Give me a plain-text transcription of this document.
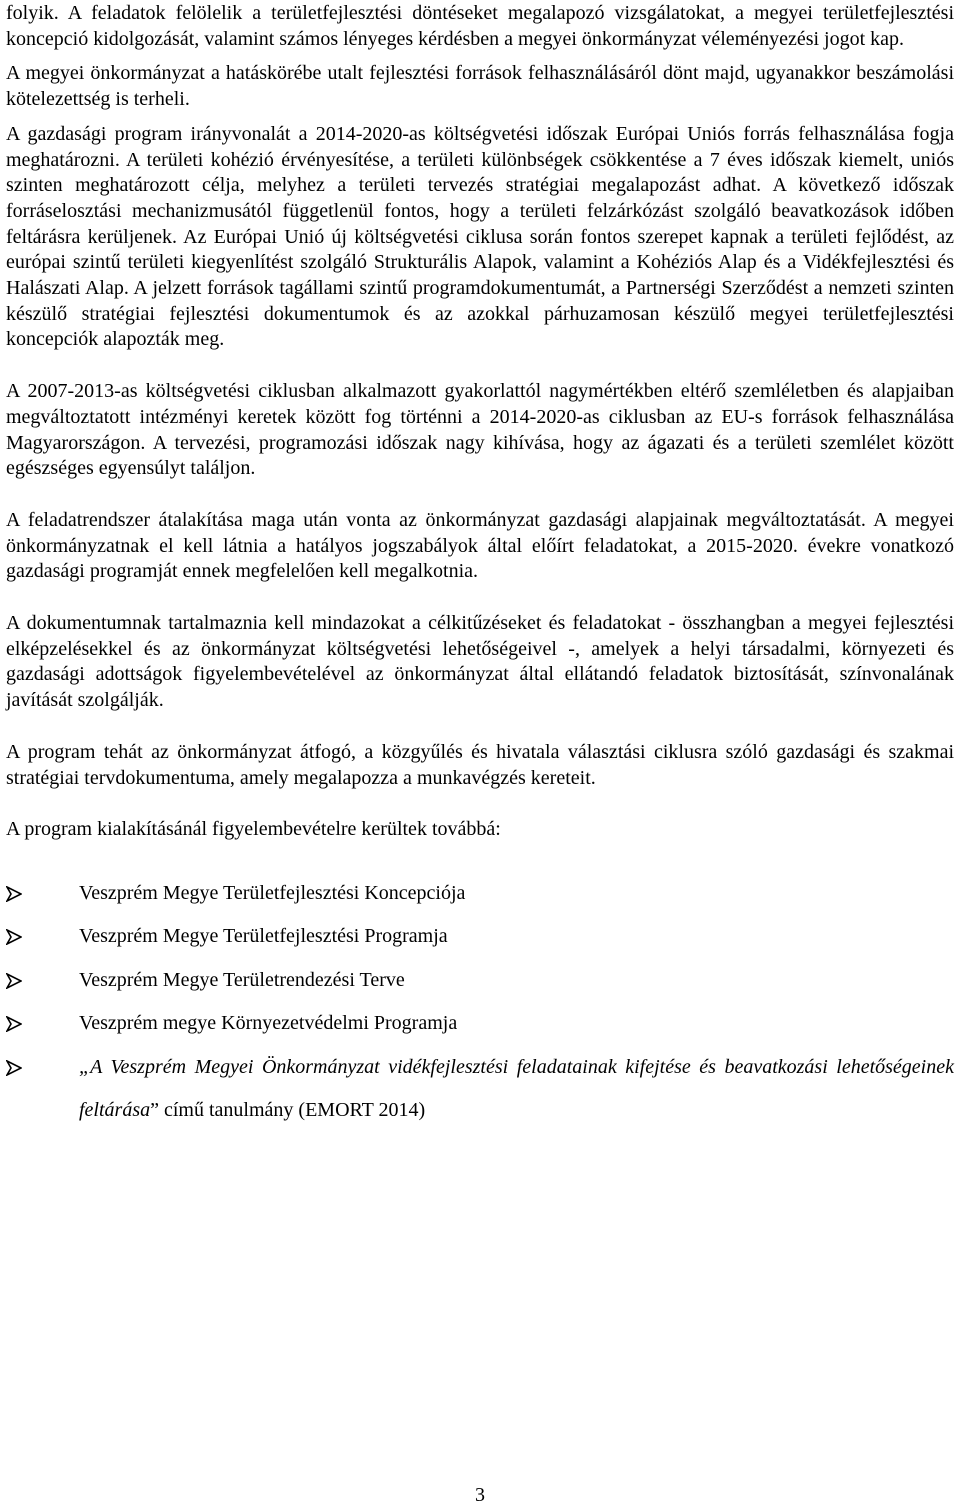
folyik. A feladatok felölelik a területfejlesztési döntéseket megalapozó vizsgálatokat, a megyei területfejlesztési koncepció kidolgozását, valamint számos lényeges kérdésben a megyei önkormányzat véleményezési jogot kap.

A megyei önkormányzat a hatáskörébe utalt fejlesztési források felhasználásáról dönt majd, ugyanakkor beszámolási kötelezettség is terheli.

A gazdasági program irányvonalát a 2014-2020-as költségvetési időszak Európai Uniós forrás felhasználása fogja meghatározni. A területi kohézió érvényesítése, a területi különbségek csökkentése a 7 éves időszak kiemelt, uniós szinten meghatározott célja, melyhez a területi tervezés stratégiai megalapozást adhat. A következő időszak forráselosztási mechanizmusától függetlenül fontos, hogy a területi felzárkózást szolgáló beavatkozások időben feltárásra kerüljenek. Az Európai Unió új költségvetési ciklusa során fontos szerepet kapnak a területi fejlődést, az európai szintű területi kiegyenlítést szolgáló Strukturális Alapok, valamint a Kohéziós Alap és a Vidékfejlesztési és Halászati Alap. A jelzett források tagállami szintű programdokumentumát, a Partnerségi Szerződést a nemzeti szinten készülő stratégiai fejlesztési dokumentumok és az azokkal párhuzamosan készülő megyei területfejlesztési koncepciók alapozták meg.

A 2007-2013-as költségvetési ciklusban alkalmazott gyakorlattól nagymértékben eltérő szemléletben és alapjaiban megváltoztatott intézményi keretek között fog történni a 2014-2020-as ciklusban az EU-s források felhasználása Magyarországon. A tervezési, programozási időszak nagy kihívása, hogy az ágazati és a területi szemlélet között egészséges egyensúlyt találjon.

A feladatrendszer átalakítása maga után vonta az önkormányzat gazdasági alapjainak megváltoztatását. A megyei önkormányzatnak el kell látnia a hatályos jogszabályok által előírt feladatokat, a 2015-2020. évekre vonatkozó gazdasági programját ennek megfelelően kell megalkotnia.

A dokumentumnak tartalmaznia kell mindazokat a célkitűzéseket és feladatokat - összhangban a megyei fejlesztési elképzelésekkel és az önkormányzat költségvetési lehetőségeivel -, amelyek a helyi társadalmi, környezeti és gazdasági adottságok figyelembevételével az önkormányzat által ellátandó feladatok biztosítását, színvonalának javítását szolgálják.

A program tehát az önkormányzat átfogó, a közgyűlés és hivatala választási ciklusra szóló gazdasági és szakmai stratégiai tervdokumentuma, amely megalapozza a munkavégzés kereteit.

A program kialakításánál figyelembevételre kerültek továbbá:

Veszprém Megye Területfejlesztési Koncepciója
Veszprém Megye Területfejlesztési Programja
Veszprém Megye Területrendezési Terve
Veszprém megye Környezetvédelmi Programja
„A Veszprém Megyei Önkormányzat vidékfejlesztési feladatainak kifejtése és beavatkozási lehetőségeinek feltárása” című tanulmány (EMORT 2014)
3
